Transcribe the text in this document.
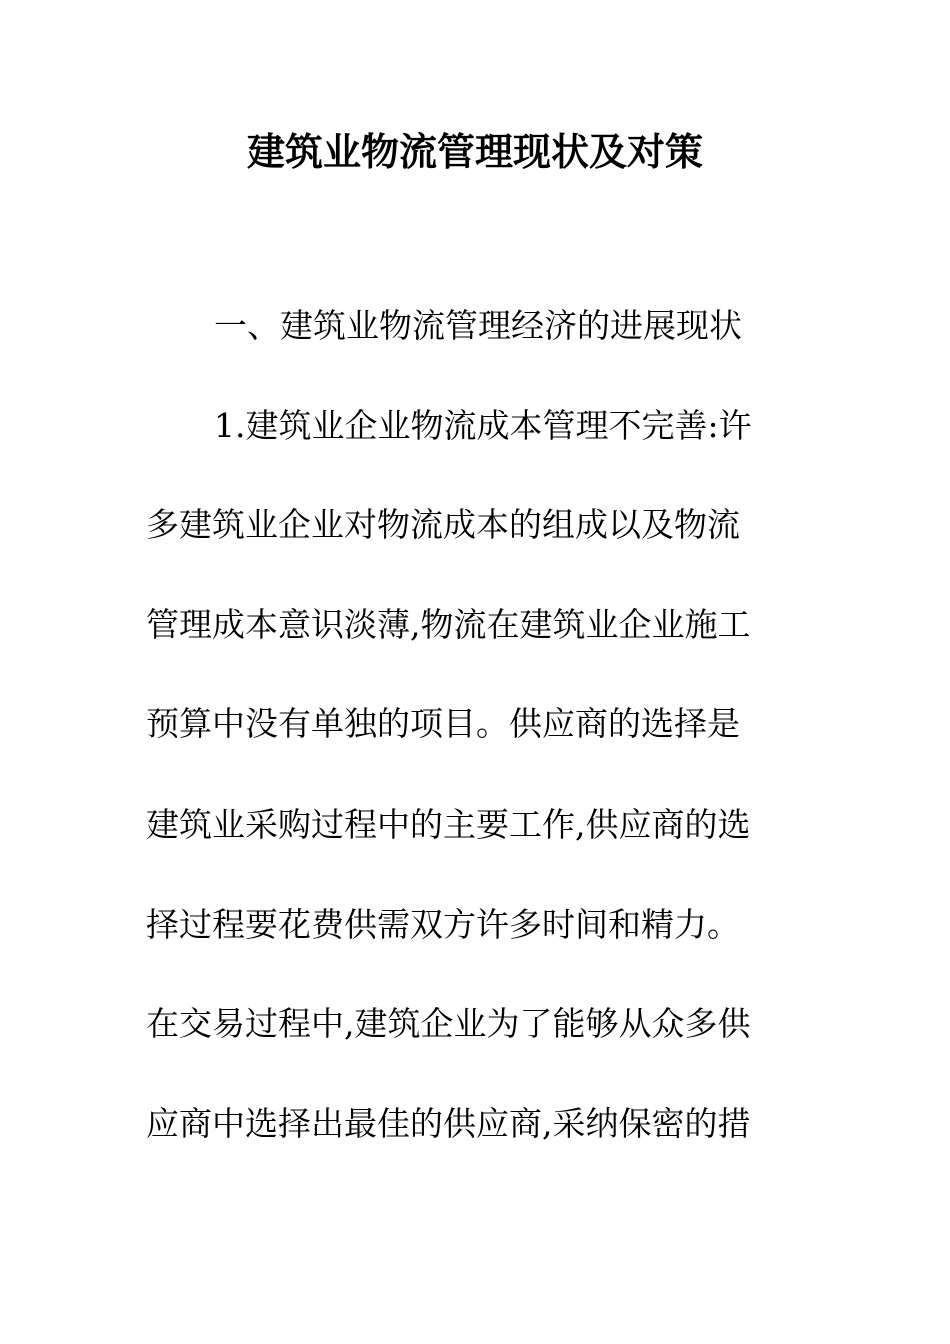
建筑业物流管理现状及对策
一、建筑业物流管理经济的进展现状
1.建筑业企业物流成本管理不完善:许
多建筑业企业对物流成本的组成以及物流
管理成本意识淡薄,物流在建筑业企业施工
预算中没有单独的项目。供应商的选择是
建筑业采购过程中的主要工作,供应商的选
择过程要花费供需双方许多时间和精力。
在交易过程中,建筑企业为了能够从众多供
应商中选择出最佳的供应商,采纳保密的措
